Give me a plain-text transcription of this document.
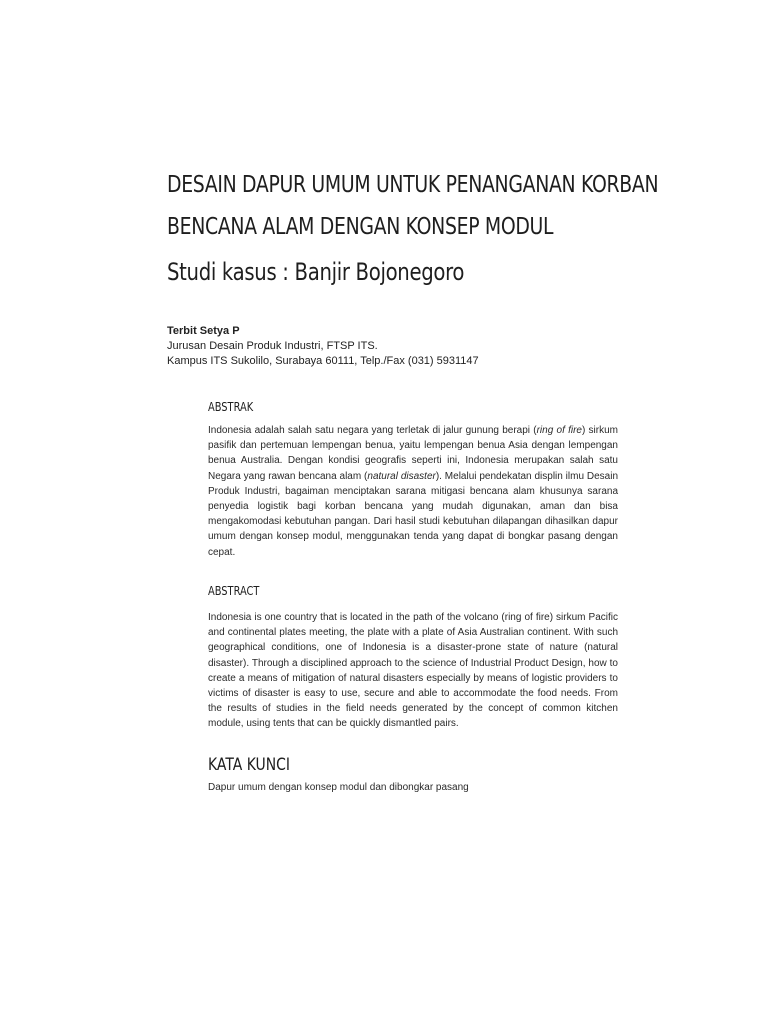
DESAIN DAPUR UMUM UNTUK PENANGANAN KORBAN
BENCANA ALAM DENGAN KONSEP MODUL
Studi kasus : Banjir Bojonegoro
Terbit Setya P
Jurusan Desain Produk Industri, FTSP ITS.
Kampus ITS Sukolilo, Surabaya 60111, Telp./Fax (031) 5931147
ABSTRAK
Indonesia adalah salah satu negara yang terletak di jalur gunung berapi (ring of fire) sirkum pasifik dan pertemuan lempengan benua, yaitu lempengan benua Asia dengan lempengan benua Australia. Dengan kondisi geografis seperti ini, Indonesia merupakan salah satu Negara yang rawan bencana alam (natural disaster). Melalui pendekatan displin ilmu Desain Produk Industri, bagaiman menciptakan sarana mitigasi bencana alam khusunya sarana penyedia logistik bagi korban bencana yang mudah digunakan, aman dan bisa mengakomodasi kebutuhan pangan. Dari hasil studi kebutuhan dilapangan dihasilkan dapur umum dengan konsep modul, menggunakan tenda yang dapat di bongkar pasang dengan cepat.
ABSTRACT
Indonesia is one country that is located in the path of the volcano (ring of fire) sirkum Pacific and continental plates meeting, the plate with a plate of Asia Australian continent. With such geographical conditions, one of Indonesia is a disaster-prone state of nature (natural disaster). Through a disciplined approach to the science of Industrial Product Design, how to create a means of mitigation of natural disasters especially by means of logistic providers to victims of disaster is easy to use, secure and able to accommodate the food needs. From the results of studies in the field needs generated by the concept of common kitchen module, using tents that can be quickly dismantled pairs.
KATA KUNCI
Dapur umum dengan konsep modul dan dibongkar pasang
